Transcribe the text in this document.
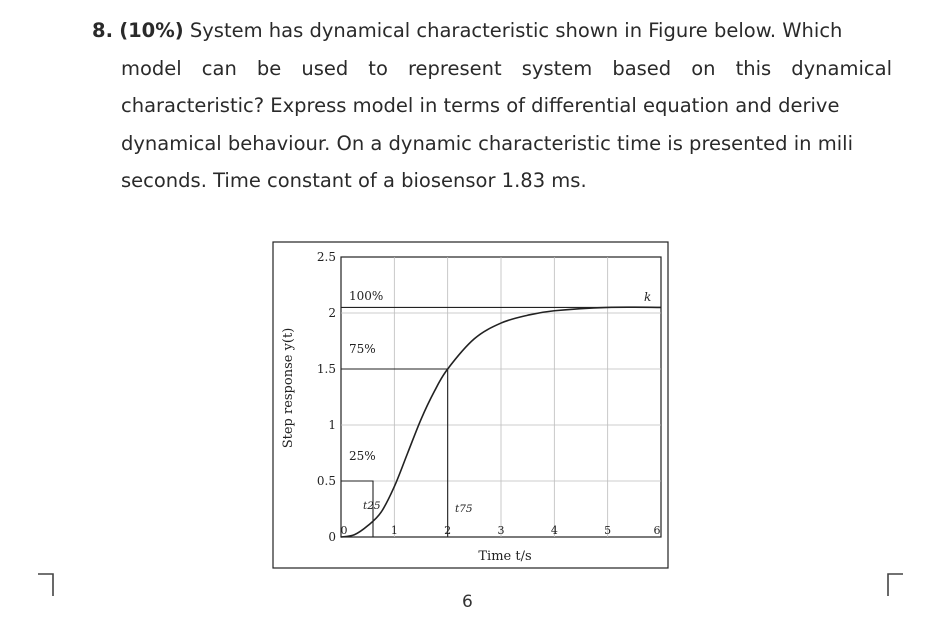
8. (10%) System has dynamical characteristic shown in Figure below. Which
model can be used to represent system based on this dynamical
characteristic? Express model in terms of differential equation and derive
dynamical behaviour. On a dynamic characteristic time is presented in mili
seconds. Time constant of a biosensor 1.83 ms.
0
0.5
1
1.5
2
2.5
0	1	2	3	4	5	6
100%
75%
25%
t25	t75
k
Time t/s
Step response y(t)
6
